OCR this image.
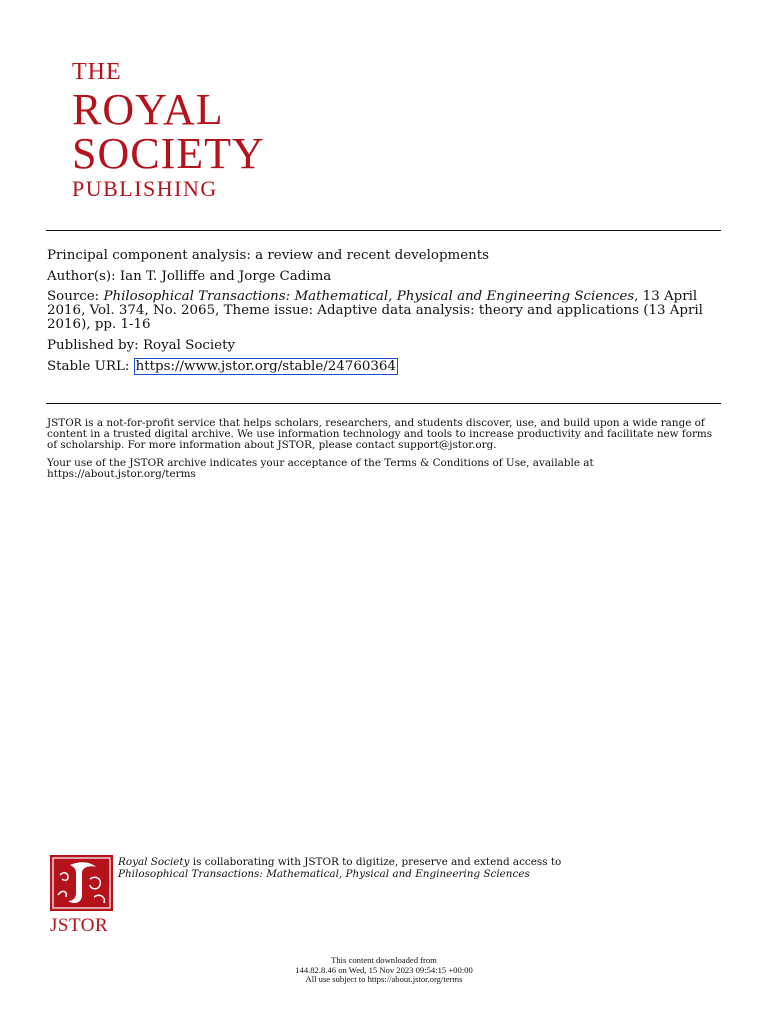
THE
ROYAL
SOCIETY
PUBLISHING

Principal component analysis: a review and recent developments

Author(s): Ian T. Jolliffe and Jorge Cadima

Source: Philosophical Transactions: Mathematical, Physical and Engineering Sciences, 13 April 2016, Vol. 374, No. 2065, Theme issue: Adaptive data analysis: theory and applications (13 April 2016), pp. 1-16

Published by: Royal Society

Stable URL: https://www.jstor.org/stable/24760364

JSTOR is a not-for-profit service that helps scholars, researchers, and students discover, use, and build upon a wide range of content in a trusted digital archive. We use information technology and tools to increase productivity and facilitate new forms of scholarship. For more information about JSTOR, please contact support@jstor.org.

Your use of the JSTOR archive indicates your acceptance of the Terms & Conditions of Use, available at https://about.jstor.org/terms

JSTOR
Royal Society is collaborating with JSTOR to digitize, preserve and extend access to
Philosophical Transactions: Mathematical, Physical and Engineering Sciences
This content downloaded from
144.82.8.46 on Wed, 15 Nov 2023 09:54:15 +00:00
All use subject to https://about.jstor.org/terms
